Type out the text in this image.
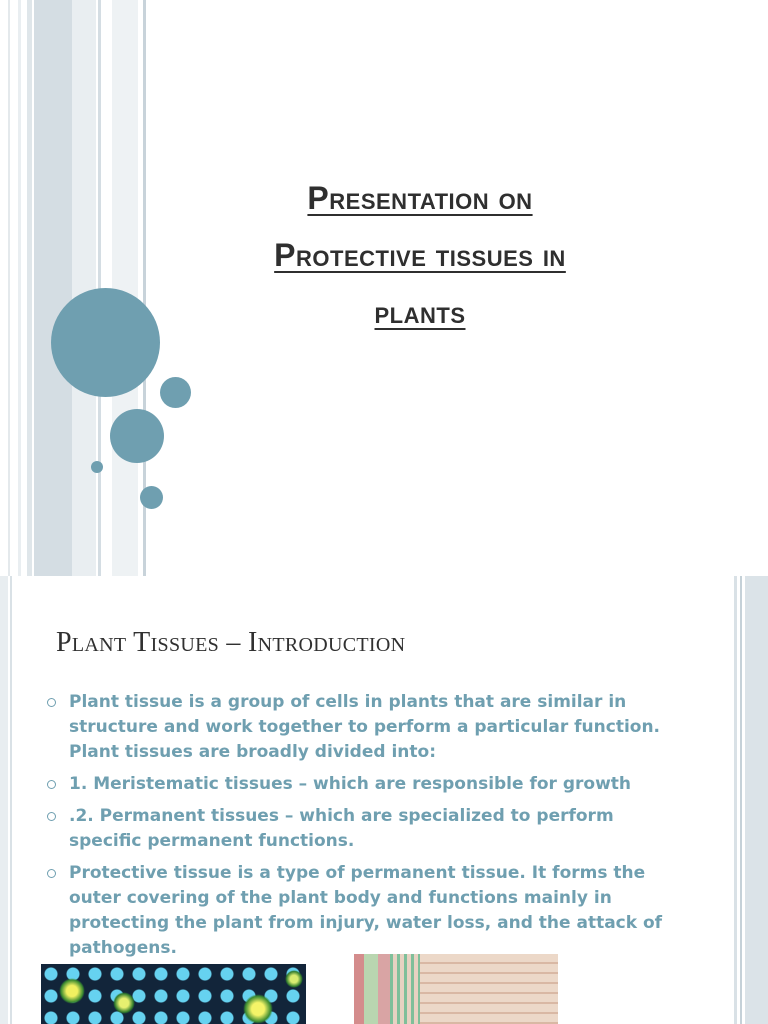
Presentation on
Protective tissues in
plants
Plant Tissues – Introduction
Plant tissue is a group of cells in plants that are similar in structure and work together to perform a particular function. Plant tissues are broadly divided into:
1. Meristematic tissues – which are responsible for growth
.2. Permanent tissues – which are specialized to perform specific permanent functions.
Protective tissue is a type of permanent tissue. It forms the outer covering of the plant body and functions mainly in protecting the plant from injury, water loss, and the attack of pathogens.
